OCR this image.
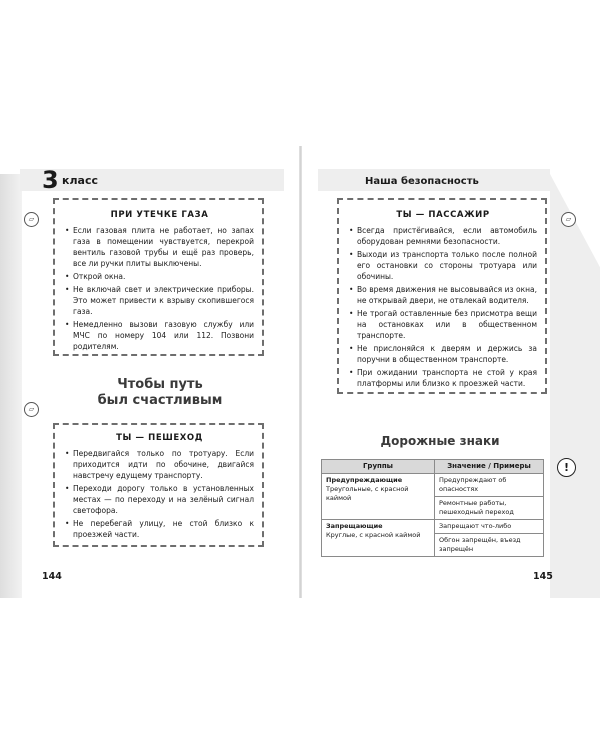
3 класс	Наша безопасность
▱
▱
▱
!
ПРИ УТЕЧКЕ ГАЗА
• Если газовая плита не работает, но запах газа в помещении чувствуется, перекрой вентиль газовой трубы и ещё раз проверь, все ли ручки плиты выключены.
• Открой окна.
• Не включай свет и электрические приборы. Это может привести к взрыву скопившегося газа.
• Немедленно вызови газовую службу или МЧС по номеру 104 или 112. Позвони родителям.
Чтобы путь
был счастливым
ТЫ — ПЕШЕХОД
• Передвигайся только по тротуару. Если приходится идти по обочине, двигайся навстречу едущему транспорту.
• Переходи дорогу только в установленных местах — по переходу и на зелёный сигнал светофора.
• Не перебегай улицу, не стой близко к проезжей части.
ТЫ — ПАССАЖИР
• Всегда пристёгивайся, если автомобиль оборудован ремнями безопасности.
• Выходи из транспорта только после полной его остановки со стороны тротуара или обочины.
• Во время движения не высовывайся из окна, не открывай двери, не отвлекай водителя.
• Не трогай оставленные без присмотра вещи на остановках или в общественном транспорте.
• Не прислоняйся к дверям и держись за поручни в общественном транспорте.
• При ожидании транспорта не стой у края платформы или близко к проезжей части.
Дорожные знаки
Группы	Значение / Примеры

Предупреждающие
Треугольные, с красной каймой	Предупреждают об опасностях
	Ремонтные работы, пешеходный переход

Запрещающие
Круглые, с красной каймой	Запрещают что-либо
	Обгон запрещён, въезд запрещён
144	145
